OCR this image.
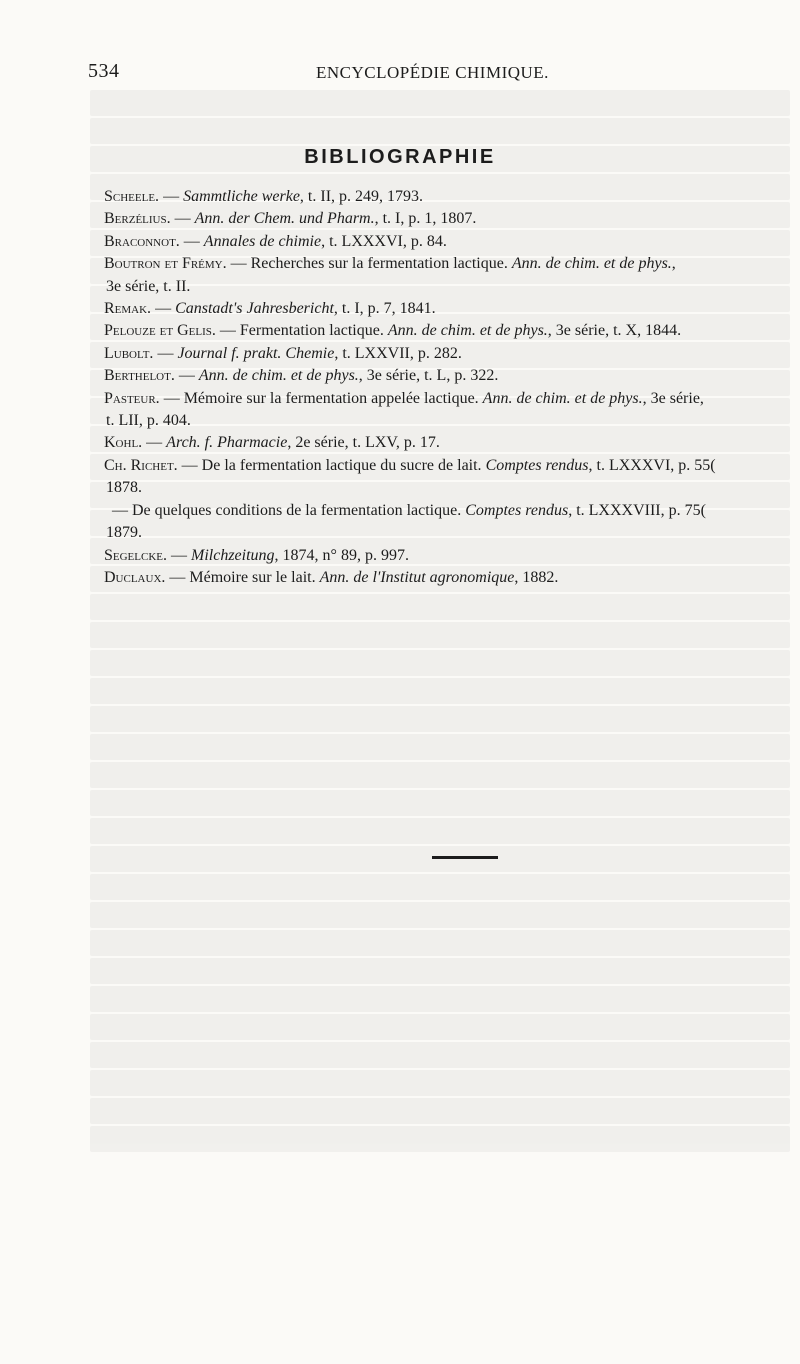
534	ENCYCLOPÉDIE CHIMIQUE.
BIBLIOGRAPHIE
Scheele. — Sammtliche werke, t. II, p. 249, 1793.
Berzélius. — Ann. der Chem. und Pharm., t. I, p. 1, 1807.
Braconnot. — Annales de chimie, t. LXXXVI, p. 84.
Boutron et Frémy. — Recherches sur la fermentation lactique. Ann. de chim. et de phys.,
3e série, t. II.
Remak. — Canstadt's Jahresbericht, t. I, p. 7, 1841.
Pelouze et Gelis. — Fermentation lactique. Ann. de chim. et de phys., 3e série, t. X, 1844.
Lubolt. — Journal f. prakt. Chemie, t. LXXVII, p. 282.
Berthelot. — Ann. de chim. et de phys., 3e série, t. L, p. 322.
Pasteur. — Mémoire sur la fermentation appelée lactique. Ann. de chim. et de phys., 3e série,
t. LII, p. 404.
Kohl. — Arch. f. Pharmacie, 2e série, t. LXV, p. 17.
Ch. Richet. — De la fermentation lactique du sucre de lait. Comptes rendus, t. LXXXVI, p. 55(
1878.
— De quelques conditions de la fermentation lactique. Comptes rendus, t. LXXXVIII, p. 75(
1879.
Segelcke. — Milchzeitung, 1874, n° 89, p. 997.
Duclaux. — Mémoire sur le lait. Ann. de l'Institut agronomique, 1882.
